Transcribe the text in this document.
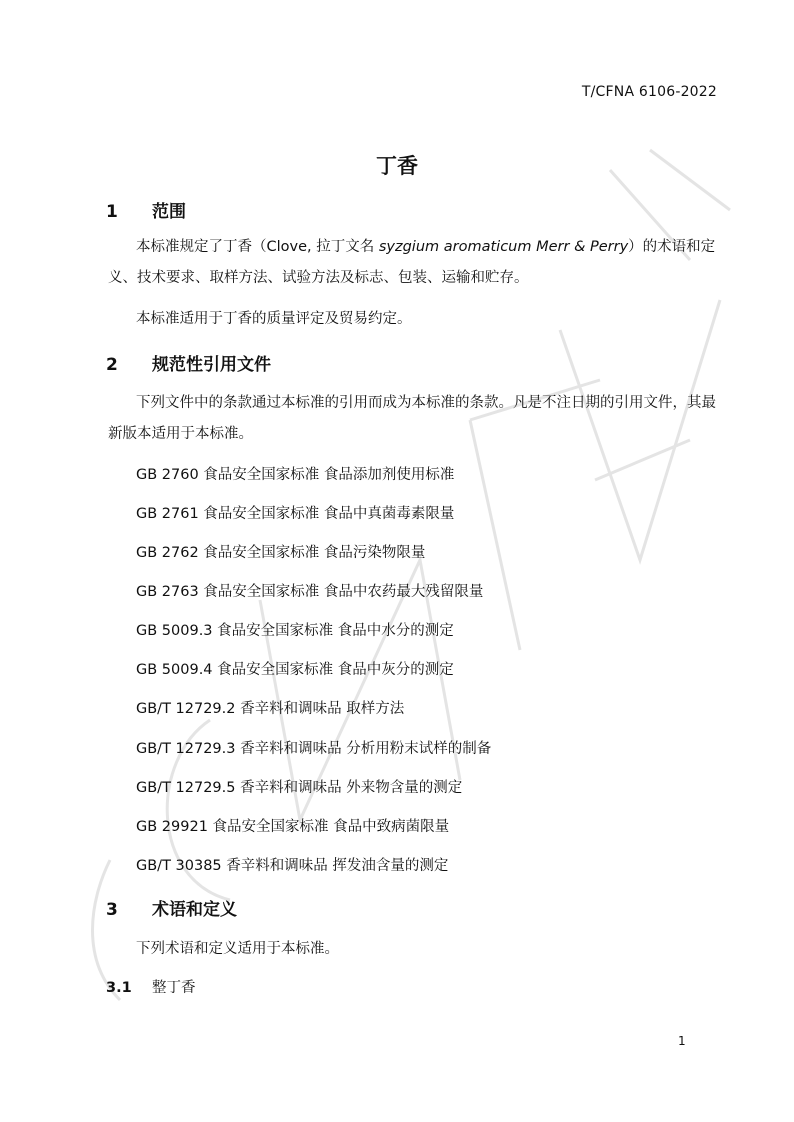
T/CFNA 6106-2022
丁香
1 范围
本标准规定了丁香（Clove, 拉丁文名 syzgium aromaticum Merr & Perry）的术语和定义、技术要求、取样方法、试验方法及标志、包装、运输和贮存。
本标准适用于丁香的质量评定及贸易约定。
2 规范性引用文件
下列文件中的条款通过本标准的引用而成为本标准的条款。凡是不注日期的引用文件，其最新版本适用于本标准。
GB 2760 食品安全国家标准 食品添加剂使用标准
GB 2761 食品安全国家标准 食品中真菌毒素限量
GB 2762 食品安全国家标准 食品污染物限量
GB 2763 食品安全国家标准 食品中农药最大残留限量
GB 5009.3 食品安全国家标准 食品中水分的测定
GB 5009.4 食品安全国家标准 食品中灰分的测定
GB/T 12729.2 香辛料和调味品 取样方法
GB/T 12729.3 香辛料和调味品 分析用粉末试样的制备
GB/T 12729.5 香辛料和调味品 外来物含量的测定
GB 29921 食品安全国家标准 食品中致病菌限量
GB/T 30385 香辛料和调味品 挥发油含量的测定
3 术语和定义
下列术语和定义适用于本标准。
3.1 整丁香
1
